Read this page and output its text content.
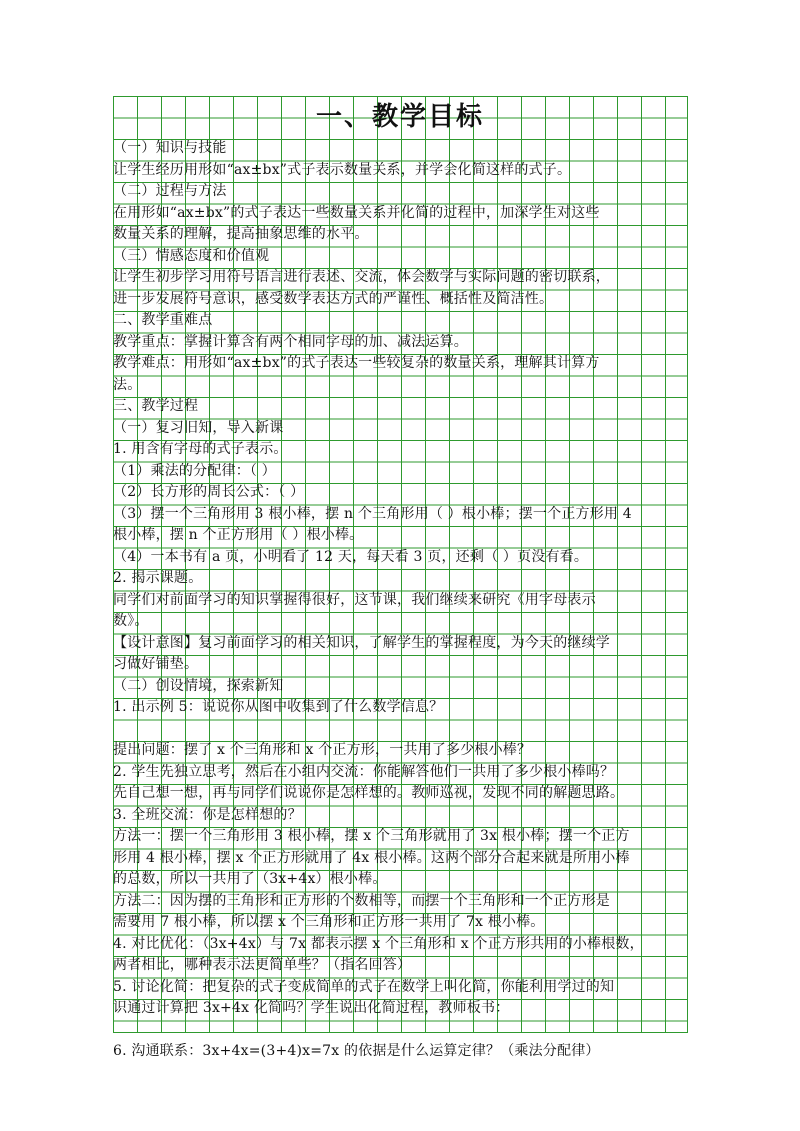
一、教学目标
（一）知识与技能
让学生经历用形如“ax±bx”式子表示数量关系，并学会化简这样的式子。
（二）过程与方法
在用形如“ax±bx”的式子表达一些数量关系并化简的过程中，加深学生对这些
数量关系的理解，提高抽象思维的水平。
（三）情感态度和价值观
让学生初步学习用符号语言进行表述、交流，体会数学与实际问题的密切联系，
进一步发展符号意识，感受数学表达方式的严谨性、概括性及简洁性。
二、教学重难点
教学重点：掌握计算含有两个相同字母的加、减法运算。
教学难点：用形如“ax±bx”的式子表达一些较复杂的数量关系，理解其计算方
法。
三、教学过程
（一）复习旧知，导入新课
1. 用含有字母的式子表示。
（1）乘法的分配律：（ ）
（2）长方形的周长公式：（ ）
（3）摆一个三角形用 3 根小棒，摆 n 个三角形用（ ）根小棒；摆一个正方形用 4
根小棒，摆 n 个正方形用（ ）根小棒。
（4）一本书有 a 页，小明看了 12 天，每天看 3 页，还剩（ ）页没有看。
2. 揭示课题。
同学们对前面学习的知识掌握得很好，这节课，我们继续来研究《用字母表示
数》。
【设计意图】复习前面学习的相关知识，了解学生的掌握程度，为今天的继续学
习做好铺垫。
（二）创设情境，探索新知
1. 出示例 5：说说你从图中收集到了什么数学信息？
提出问题：摆了 x 个三角形和 x 个正方形，一共用了多少根小棒？
2. 学生先独立思考，然后在小组内交流：你能解答他们一共用了多少根小棒吗？
先自己想一想，再与同学们说说你是怎样想的。教师巡视，发现不同的解题思路。
3. 全班交流：你是怎样想的？
方法一：摆一个三角形用 3 根小棒，摆 x 个三角形就用了 3x 根小棒；摆一个正方
形用 4 根小棒，摆 x 个正方形就用了 4x 根小棒。这两个部分合起来就是所用小棒
的总数，所以一共用了（3x+4x）根小棒。
方法二：因为摆的三角形和正方形的个数相等，而摆一个三角形和一个正方形是
需要用 7 根小棒，所以摆 x 个三角形和正方形一共用了 7x 根小棒。
4. 对比优化：（3x+4x）与 7x 都表示摆 x 个三角形和 x 个正方形共用的小棒根数，
两者相比，哪种表示法更简单些？（指名回答）
5. 讨论化简：把复杂的式子变成简单的式子在数学上叫化简，你能利用学过的知
识通过计算把 3x+4x 化简吗？学生说出化简过程，教师板书：
6. 沟通联系：3x+4x=(3+4)x=7x 的依据是什么运算定律？（乘法分配律）
